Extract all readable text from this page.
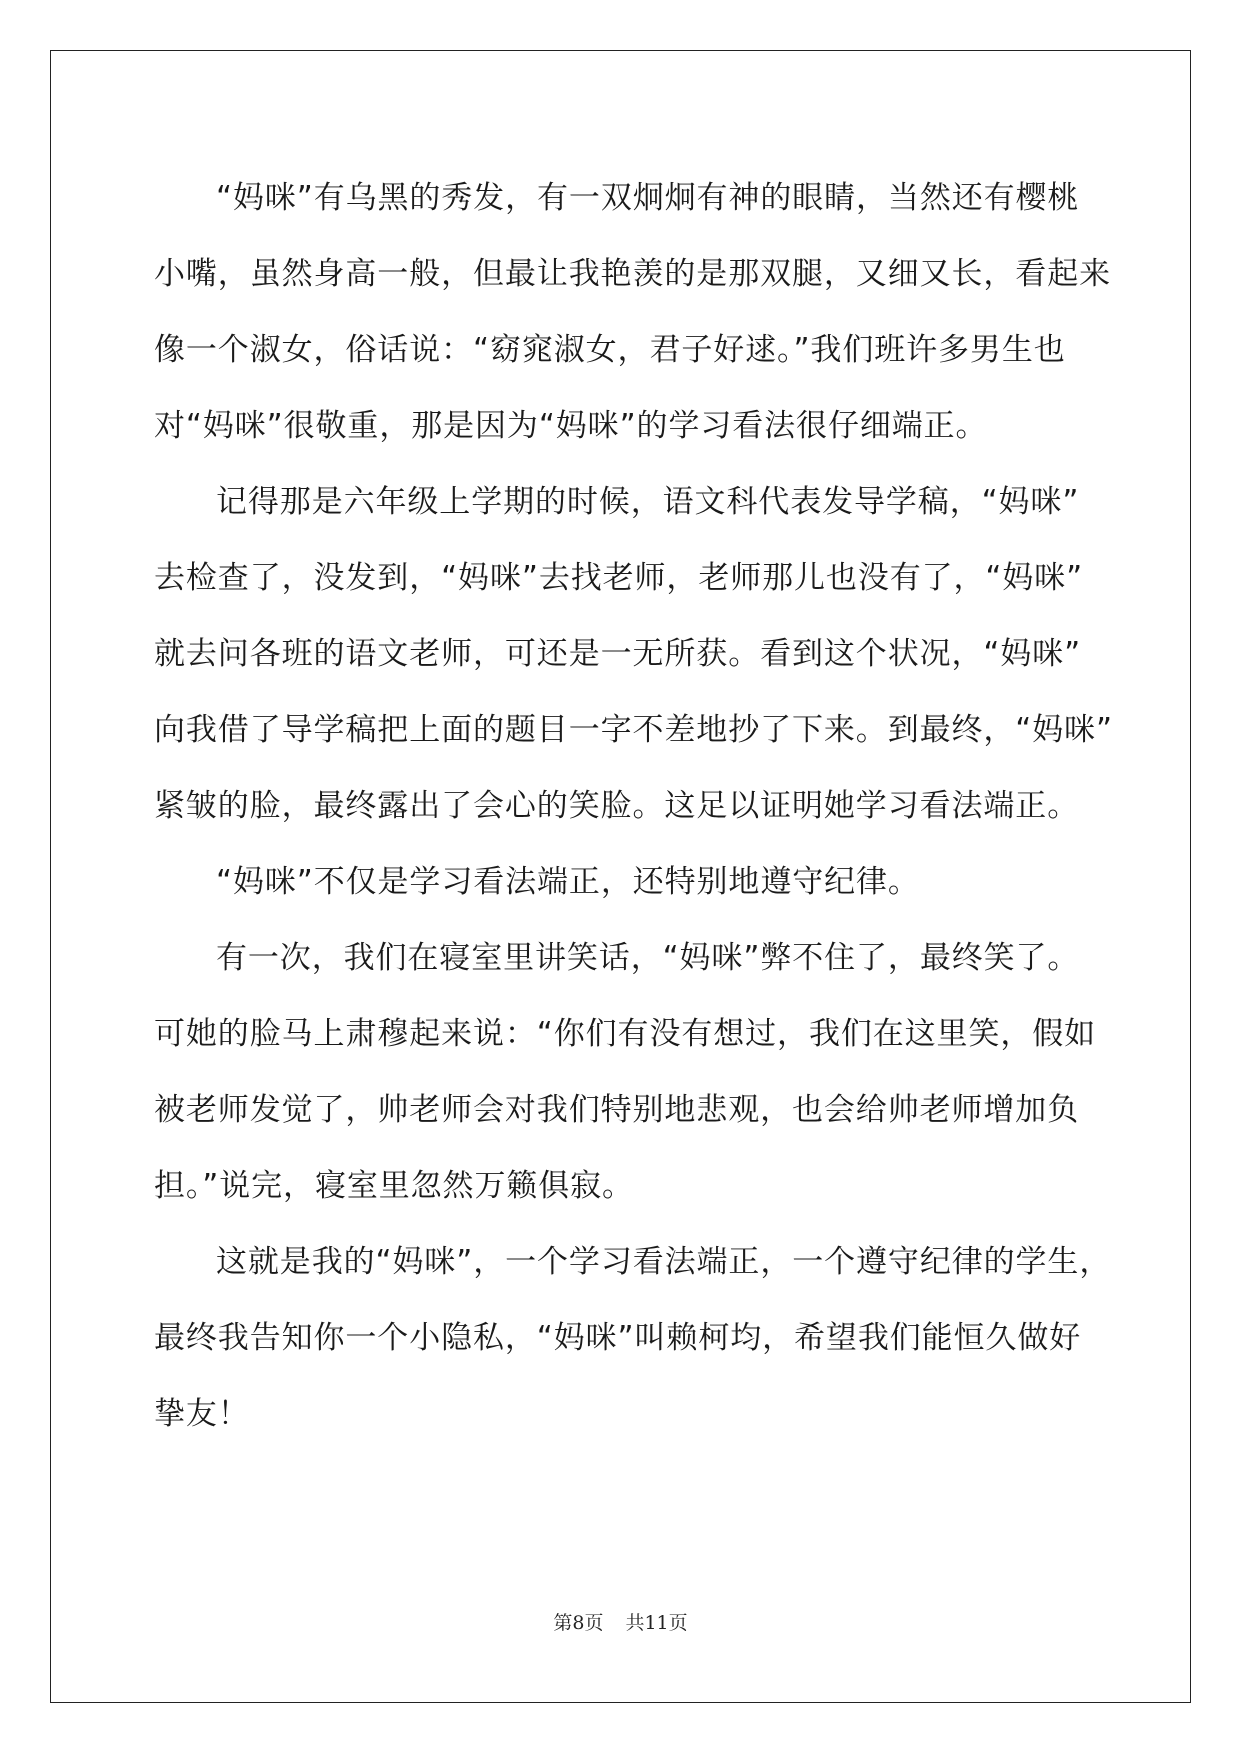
“妈咪”有乌黑的秀发，有一双炯炯有神的眼睛，当然还有樱桃
小嘴，虽然身高一般，但最让我艳羡的是那双腿，又细又长，看起来
像一个淑女，俗话说：“窈窕淑女，君子好逑。”我们班许多男生也
对“妈咪”很敬重，那是因为“妈咪”的学习看法很仔细端正。
记得那是六年级上学期的时候，语文科代表发导学稿，“妈咪”
去检查了，没发到，“妈咪”去找老师，老师那儿也没有了，“妈咪”
就去问各班的语文老师，可还是一无所获。看到这个状况，“妈咪”
向我借了导学稿把上面的题目一字不差地抄了下来。到最终，“妈咪”
紧皱的脸，最终露出了会心的笑脸。这足以证明她学习看法端正。
“妈咪”不仅是学习看法端正，还特别地遵守纪律。
有一次，我们在寝室里讲笑话，“妈咪”弊不住了，最终笑了。
可她的脸马上肃穆起来说：“你们有没有想过，我们在这里笑，假如
被老师发觉了，帅老师会对我们特别地悲观，也会给帅老师增加负
担。”说完，寝室里忽然万籁俱寂。
这就是我的“妈咪”，一个学习看法端正，一个遵守纪律的学生，
最终我告知你一个小隐私，“妈咪”叫赖柯均，希望我们能恒久做好
挚友！

第8页 共11页
